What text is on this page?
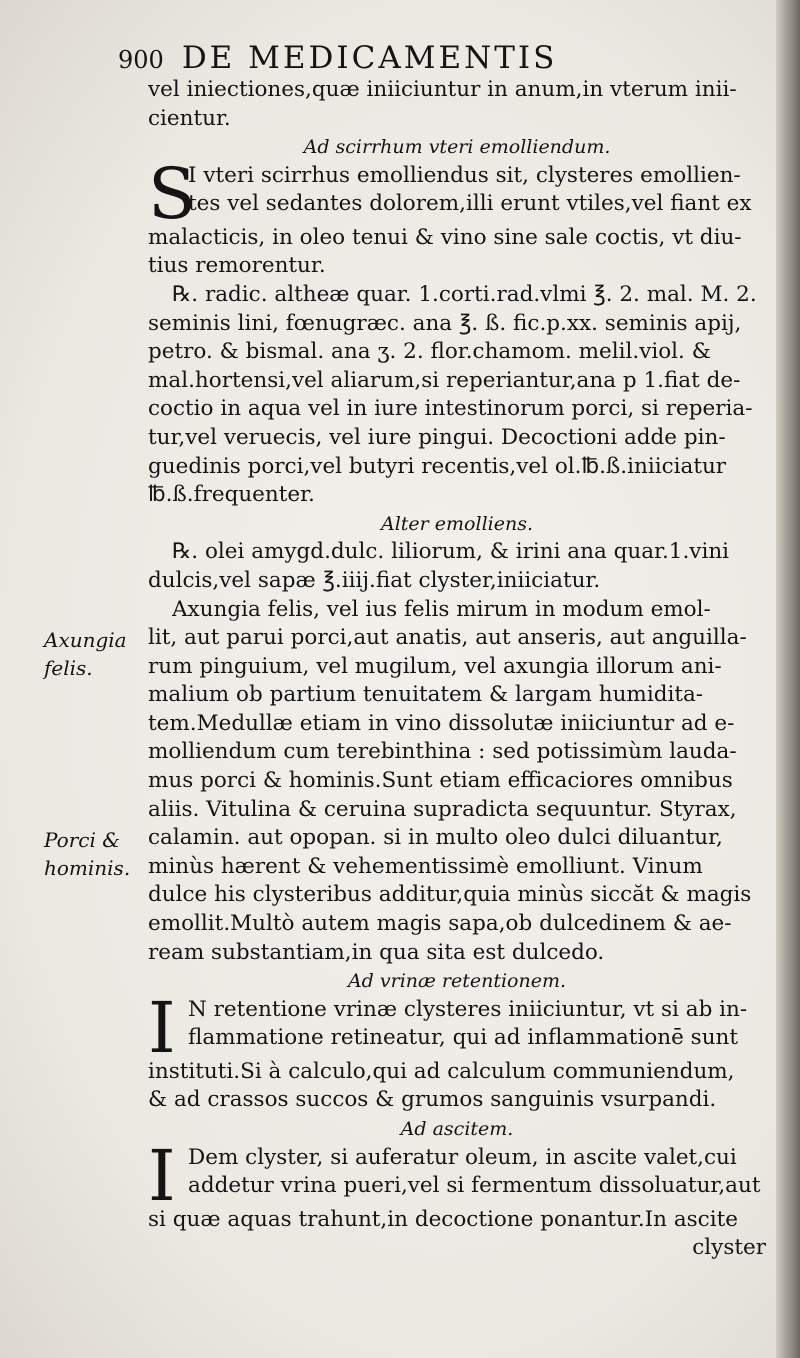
900 DE MEDICAMENTIS
Axungia
felis.
Porci &
hominis.
vel iniectiones,quæ iniiciuntur in anum,in vterum inii-
cientur.
Ad scirrhum vteri emolliendum.
S
I vteri scirrhus emolliendus sit, clysteres emollien-
tes vel sedantes dolorem,illi erunt vtiles,vel fiant ex
malacticis, in oleo tenui & vino sine sale coctis, vt diu-
tius remorentur.
℞. radic. altheæ quar. 1.corti.rad.vlmi ℥. 2. mal. M. 2.
seminis lini, fœnugræc. ana ℥. ß. fic.p.xx. seminis apij,
petro. & bismal. ana ʒ. 2. flor.chamom. melil.viol. &
mal.hortensi,vel aliarum,si reperiantur,ana p 1.fiat de-
coctio in aqua vel in iure intestinorum porci, si reperia-
tur,vel veruecis, vel iure pingui. Decoctioni adde pin-
guedinis porci,vel butyri recentis,vel ol.℔.ß.iniiciatur
℔.ß.frequenter.
Alter emolliens.
℞. olei amygd.dulc. liliorum, & irini ana quar.1.vini
dulcis,vel sapæ ℥.iiij.fiat clyster,iniiciatur.
Axungia felis, vel ius felis mirum in modum emol-
lit, aut parui porci,aut anatis, aut anseris, aut anguilla-
rum pinguium, vel mugilum, vel axungia illorum ani-
malium ob partium tenuitatem & largam humidita-
tem.Medullæ etiam in vino dissolutæ iniiciuntur ad e-
molliendum cum terebinthina : sed potissimùm lauda-
mus porci & hominis.Sunt etiam efficaciores omnibus
aliis. Vitulina & ceruina supradicta sequuntur. Styrax,
calamin. aut opopan. si in multo oleo dulci diluantur,
minùs hærent & vehementissimè emolliunt. Vinum
dulce his clysteribus additur,quia minùs siccăt & magis
emollit.Multò autem magis sapa,ob dulcedinem & ae-
ream substantiam,in qua sita est dulcedo.
Ad vrinæ retentionem.
I N retentione vrinæ clysteres iniiciuntur, vt si ab in-
flammatione retineatur, qui ad inflammationē sunt
instituti.Si à calculo,qui ad calculum communiendum,
& ad crassos succos & grumos sanguinis vsurpandi.
Ad ascitem.
I Dem clyster, si auferatur oleum, in ascite valet,cui
addetur vrina pueri,vel si fermentum dissoluatur,aut
si quæ aquas trahunt,in decoctione ponantur.In ascite
clyster
